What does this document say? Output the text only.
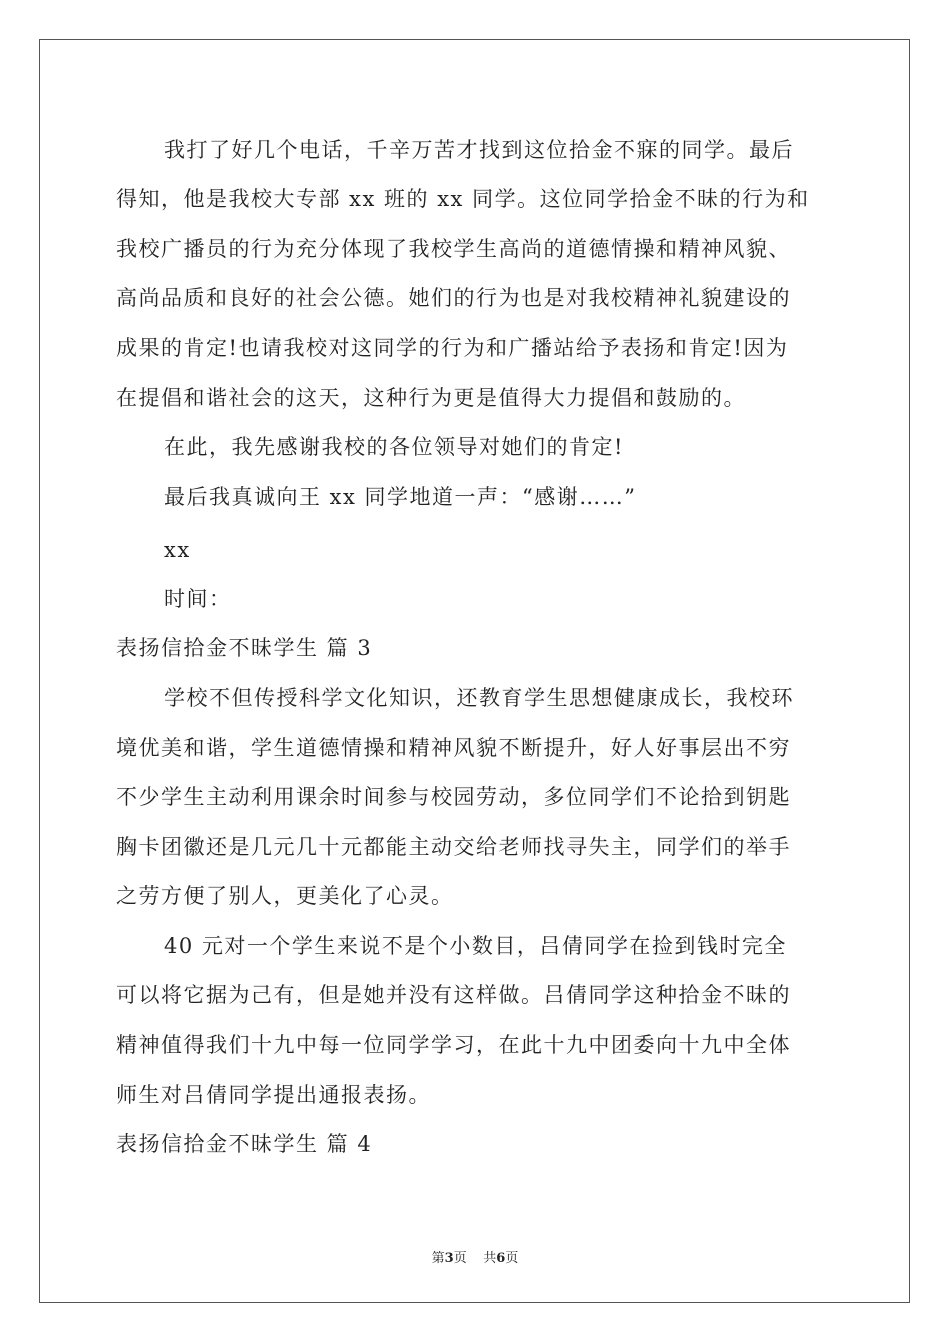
我打了好几个电话，千辛万苦才找到这位拾金不寐的同学。最后
得知，他是我校大专部 xx 班的 xx 同学。这位同学拾金不昧的行为和
我校广播员的行为充分体现了我校学生高尚的道德情操和精神风貌、
高尚品质和良好的社会公德。她们的行为也是对我校精神礼貌建设的
成果的肯定!也请我校对这同学的行为和广播站给予表扬和肯定!因为
在提倡和谐社会的这天，这种行为更是值得大力提倡和鼓励的。
在此，我先感谢我校的各位领导对她们的肯定!
最后我真诚向王 xx 同学地道一声：“感谢……”
xx
时间：
表扬信拾金不昧学生 篇 3
学校不但传授科学文化知识，还教育学生思想健康成长，我校环
境优美和谐，学生道德情操和精神风貌不断提升，好人好事层出不穷
不少学生主动利用课余时间参与校园劳动，多位同学们不论拾到钥匙
胸卡团徽还是几元几十元都能主动交给老师找寻失主，同学们的举手
之劳方便了别人，更美化了心灵。
40 元对一个学生来说不是个小数目，吕倩同学在捡到钱时完全
可以将它据为己有，但是她并没有这样做。吕倩同学这种拾金不昧的
精神值得我们十九中每一位同学学习，在此十九中团委向十九中全体
师生对吕倩同学提出通报表扬。
表扬信拾金不昧学生 篇 4
第3页 共6页
